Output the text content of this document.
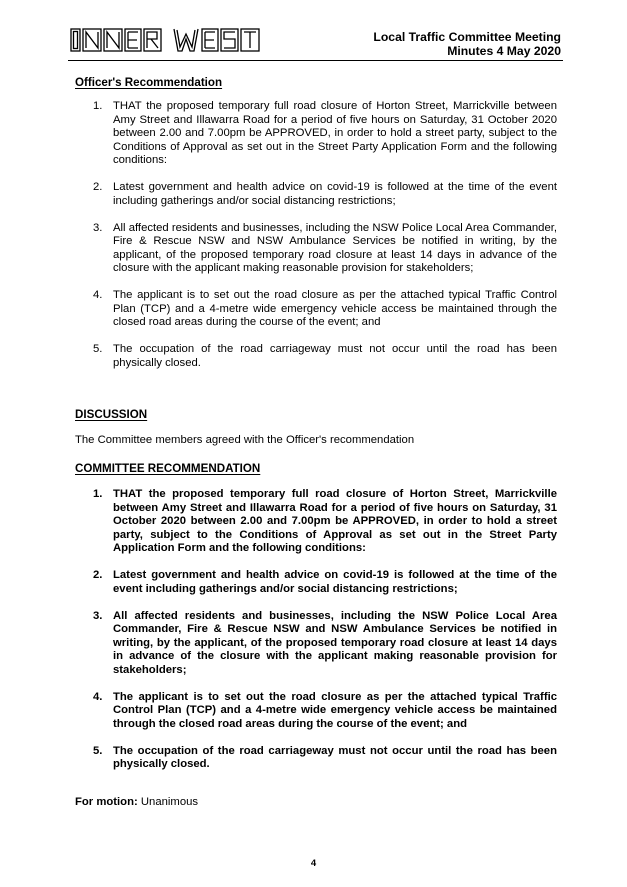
Local Traffic Committee Meeting
Minutes 4 May 2020
Officer's Recommendation
1. THAT the proposed temporary full road closure of Horton Street, Marrickville between Amy Street and Illawarra Road for a period of five hours on Saturday, 31 October 2020 between 2.00 and 7.00pm be APPROVED, in order to hold a street party, subject to the Conditions of Approval as set out in the Street Party Application Form and the following conditions:
2. Latest government and health advice on covid-19 is followed at the time of the event including gatherings and/or social distancing restrictions;
3. All affected residents and businesses, including the NSW Police Local Area Commander, Fire & Rescue NSW and NSW Ambulance Services be notified in writing, by the applicant, of the proposed temporary road closure at least 14 days in advance of the closure with the applicant making reasonable provision for stakeholders;
4. The applicant is to set out the road closure as per the attached typical Traffic Control Plan (TCP) and a 4-metre wide emergency vehicle access be maintained through the closed road areas during the course of the event; and
5. The occupation of the road carriageway must not occur until the road has been physically closed.
DISCUSSION
The Committee members agreed with the Officer's recommendation
COMMITTEE RECOMMENDATION
1. THAT the proposed temporary full road closure of Horton Street, Marrickville between Amy Street and Illawarra Road for a period of five hours on Saturday, 31 October 2020 between 2.00 and 7.00pm be APPROVED, in order to hold a street party, subject to the Conditions of Approval as set out in the Street Party Application Form and the following conditions:
2. Latest government and health advice on covid-19 is followed at the time of the event including gatherings and/or social distancing restrictions;
3. All affected residents and businesses, including the NSW Police Local Area Commander, Fire & Rescue NSW and NSW Ambulance Services be notified in writing, by the applicant, of the proposed temporary road closure at least 14 days in advance of the closure with the applicant making reasonable provision for stakeholders;
4. The applicant is to set out the road closure as per the attached typical Traffic Control Plan (TCP) and a 4-metre wide emergency vehicle access be maintained through the closed road areas during the course of the event; and
5. The occupation of the road carriageway must not occur until the road has been physically closed.
For motion: Unanimous
4
